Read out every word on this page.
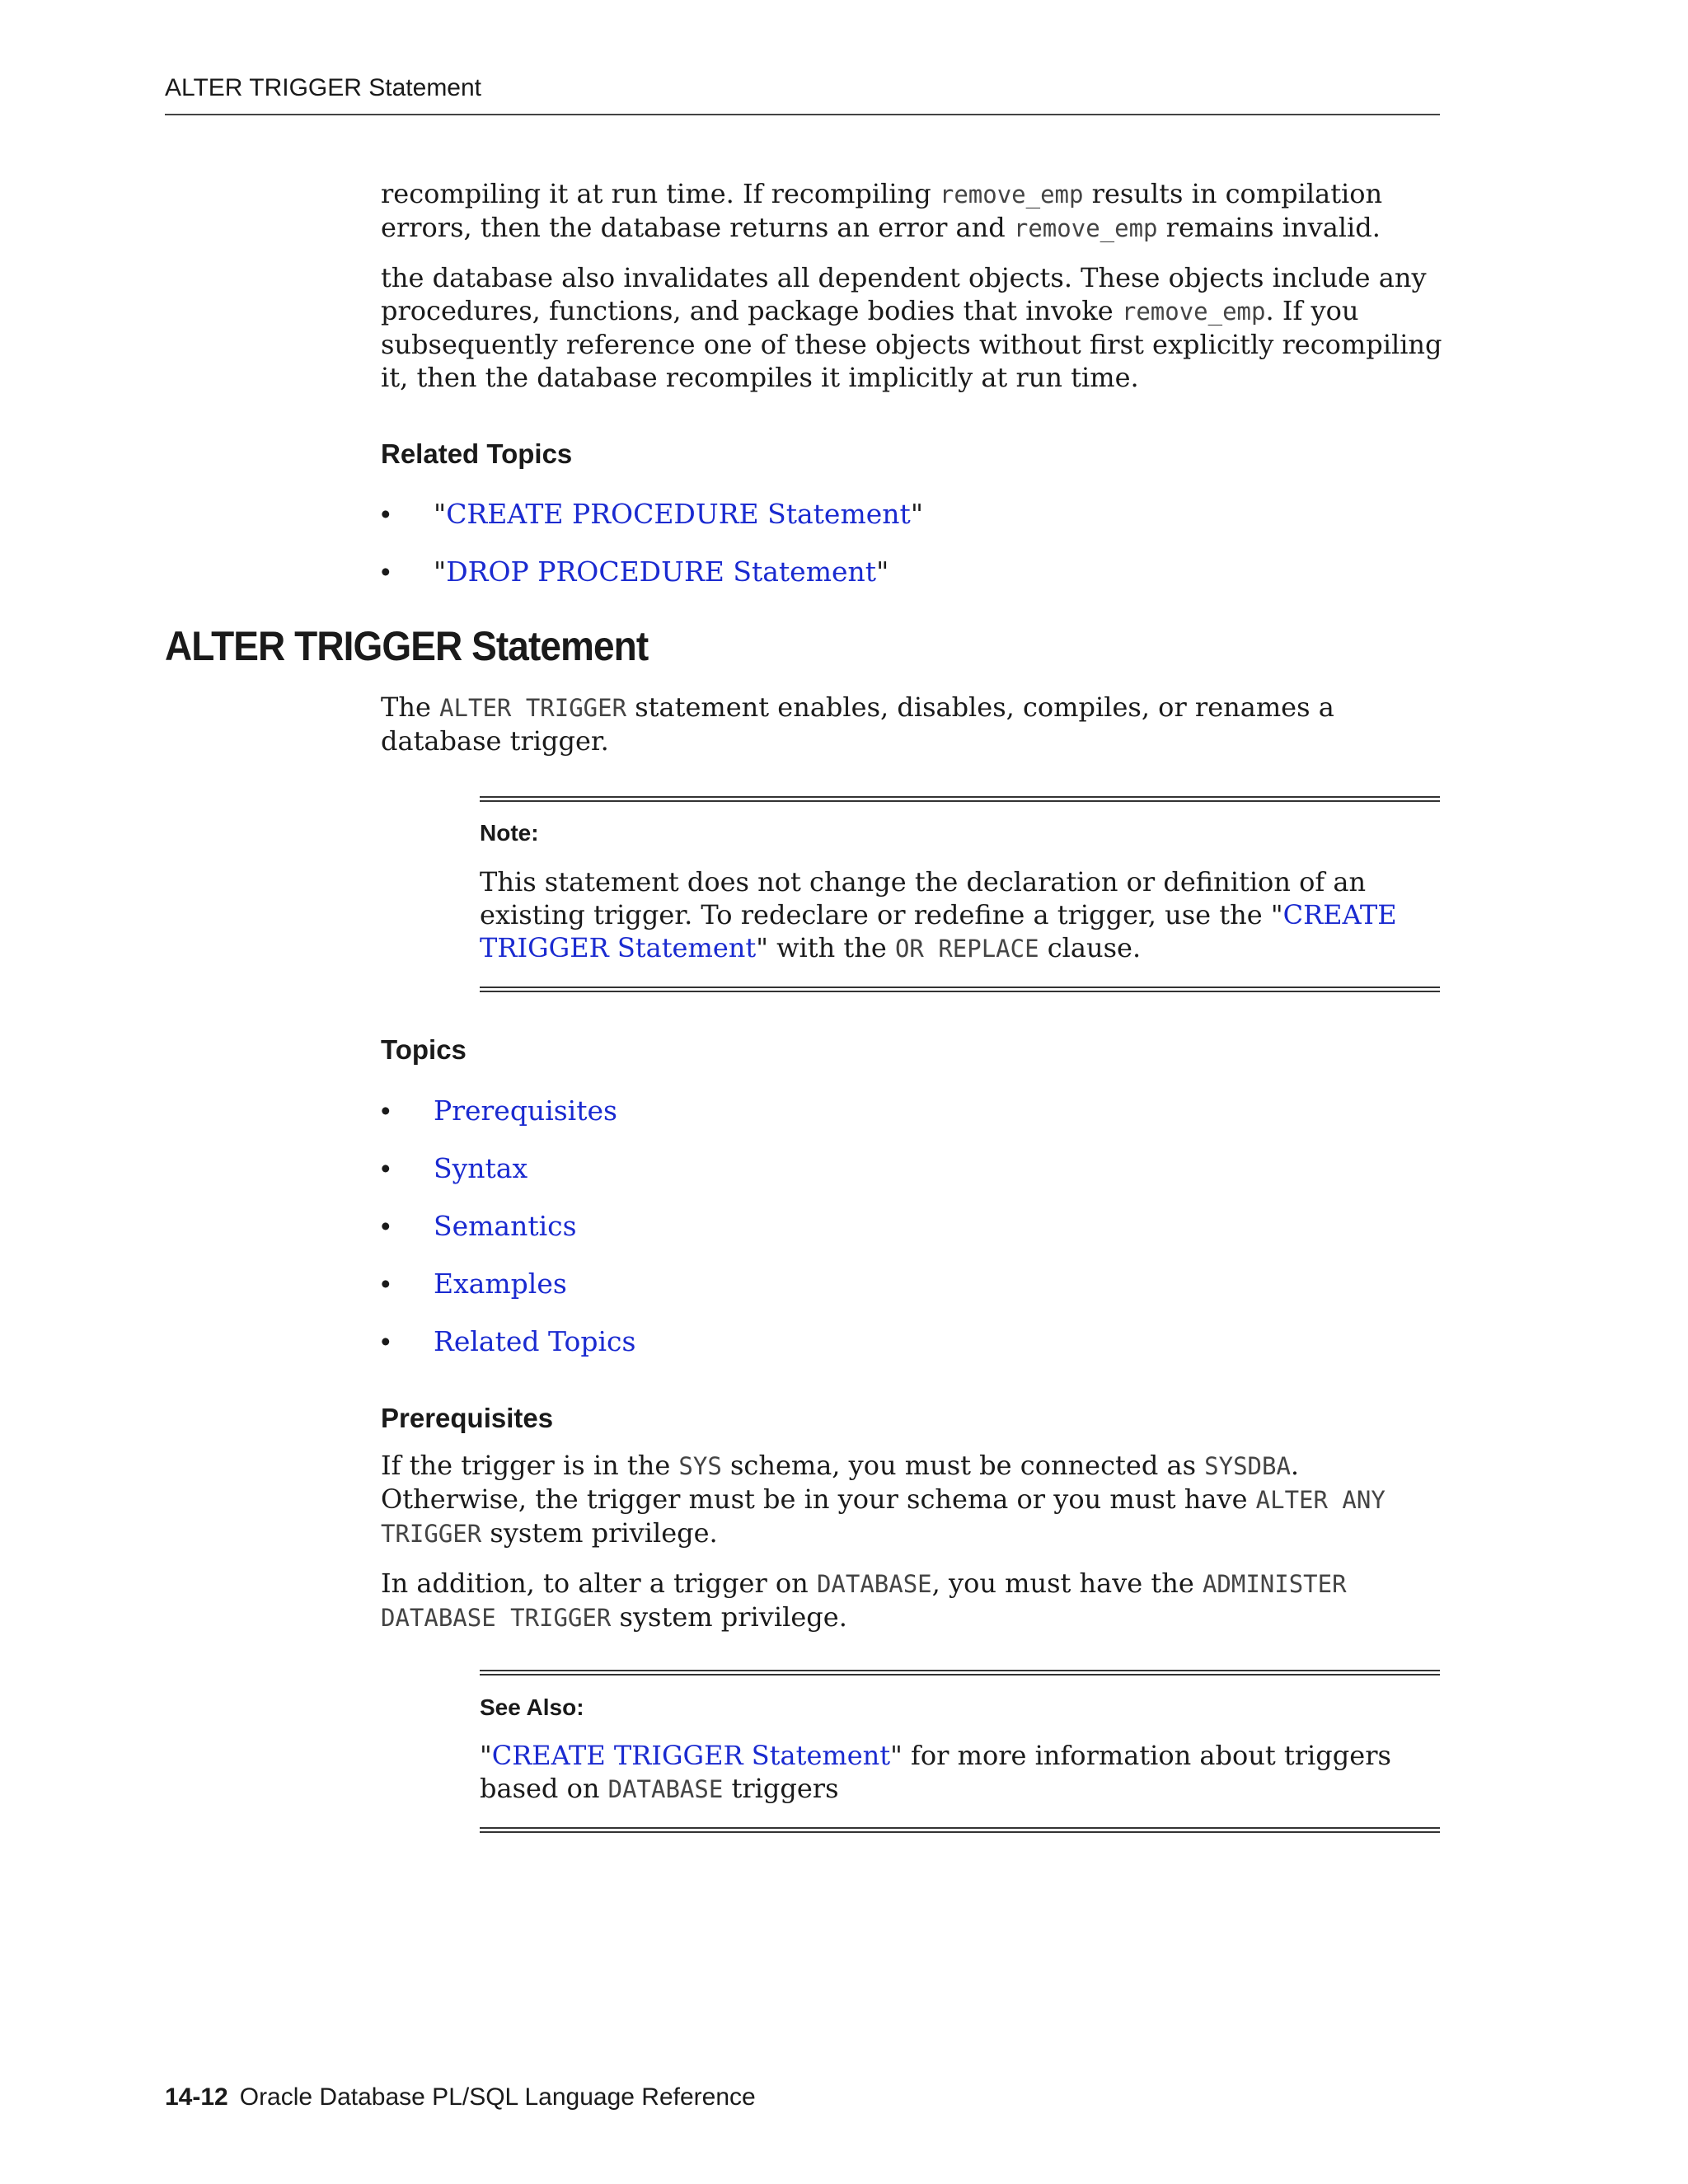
ALTER TRIGGER Statement

recompiling it at run time. If recompiling remove_emp results in compilation errors, then the database returns an error and remove_emp remains invalid.

the database also invalidates all dependent objects. These objects include any procedures, functions, and package bodies that invoke remove_emp. If you subsequently reference one of these objects without first explicitly recompiling it, then the database recompiles it implicitly at run time.

Related Topics
• "CREATE PROCEDURE Statement"
• "DROP PROCEDURE Statement"
ALTER TRIGGER Statement

The ALTER TRIGGER statement enables, disables, compiles, or renames a database trigger.

Note:

This statement does not change the declaration or definition of an existing trigger. To redeclare or redefine a trigger, use the "CREATE TRIGGER Statement" with the OR REPLACE clause.

Topics
• Prerequisites
• Syntax
• Semantics
• Examples
• Related Topics
Prerequisites

If the trigger is in the SYS schema, you must be connected as SYSDBA. Otherwise, the trigger must be in your schema or you must have ALTER ANY TRIGGER system privilege.

In addition, to alter a trigger on DATABASE, you must have the ADMINISTER DATABASE TRIGGER system privilege.

See Also:

"CREATE TRIGGER Statement" for more information about triggers based on DATABASE triggers

14-12 Oracle Database PL/SQL Language Reference
